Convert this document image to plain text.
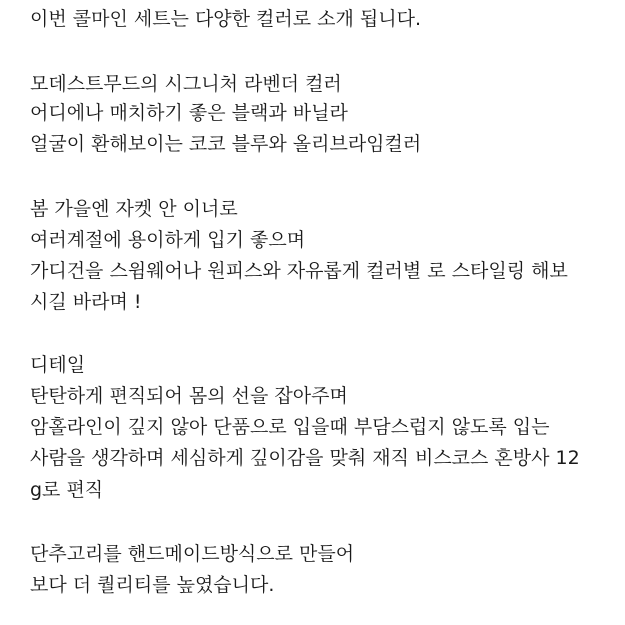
이번 콜마인 세트는 다양한 컬러로 소개 됩니다.

모데스트무드의 시그니처 라벤더 컬러

어디에나 매치하기 좋은 블랙과 바닐라

얼굴이 환해보이는 코코 블루와 올리브라임컬러

봄 가을엔 자켓 안 이너로

여러계절에 용이하게 입기 좋으며

가디건을 스윔웨어나 원피스와 자유롭게 컬러별 로 스타일링 해보

시길 바라며 !

디테일

탄탄하게 편직되어 몸의 선을 잡아주며

암홀라인이 깊지 않아 단품으로 입을때 부담스럽지 않도록 입는

사람을 생각하며 세심하게 깊이감을 맞춰 재직 비스코스 혼방사 12

g로 편직

단추고리를 핸드메이드방식으로 만들어

보다 더 퀄리티를 높였습니다.
